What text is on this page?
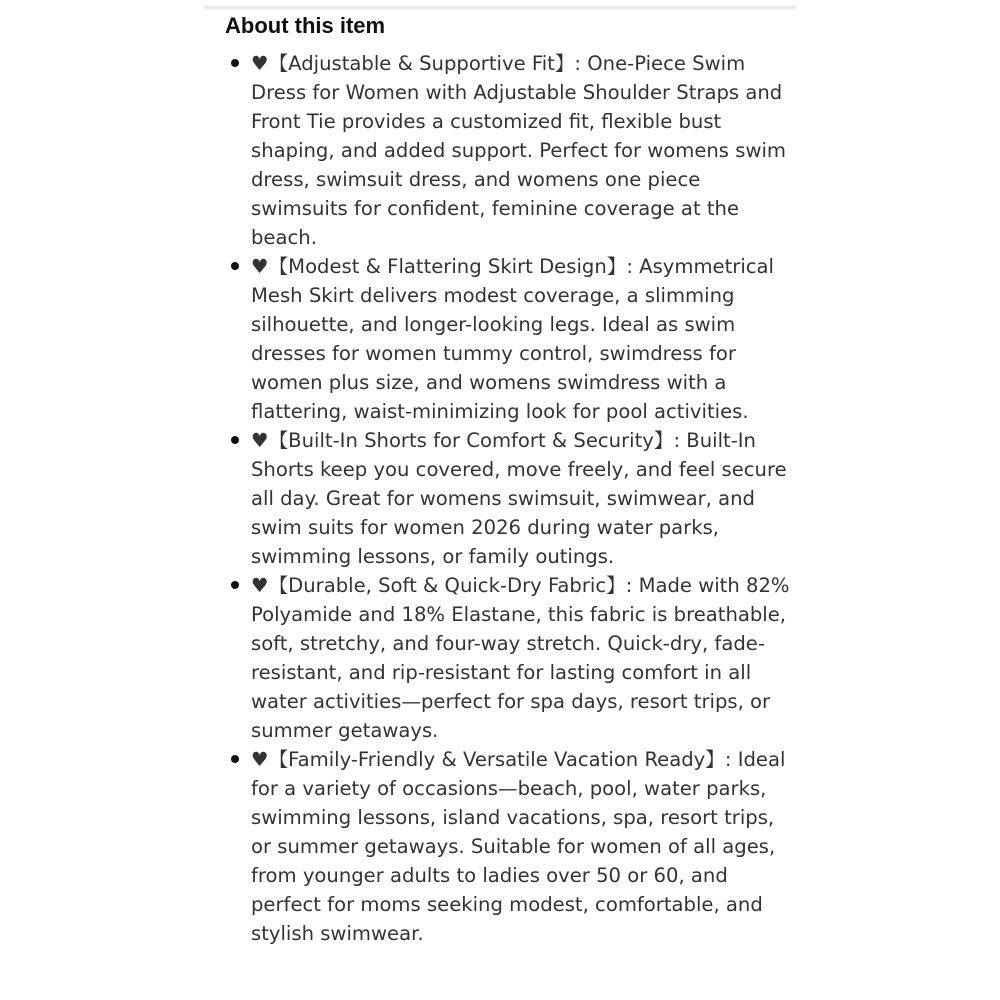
About this item
♥【Adjustable & Supportive Fit】: One-Piece Swim Dress for Women with Adjustable Shoulder Straps and Front Tie provides a customized fit, flexible bust shaping, and added support. Perfect for womens swim dress, swimsuit dress, and womens one piece swimsuits for confident, feminine coverage at the beach.
♥【Modest & Flattering Skirt Design】: Asymmetrical Mesh Skirt delivers modest coverage, a slimming silhouette, and longer-looking legs. Ideal as swim dresses for women tummy control, swimdress for women plus size, and womens swimdress with a flattering, waist-minimizing look for pool activities.
♥【Built-In Shorts for Comfort & Security】: Built-In Shorts keep you covered, move freely, and feel secure all day. Great for womens swimsuit, swimwear, and swim suits for women 2026 during water parks, swimming lessons, or family outings.
♥【Durable, Soft & Quick-Dry Fabric】: Made with 82% Polyamide and 18% Elastane, this fabric is breathable, soft, stretchy, and four-way stretch. Quick-dry, fade-resistant, and rip-resistant for lasting comfort in all water activities—perfect for spa days, resort trips, or summer getaways.
♥【Family-Friendly & Versatile Vacation Ready】: Ideal for a variety of occasions—beach, pool, water parks, swimming lessons, island vacations, spa, resort trips, or summer getaways. Suitable for women of all ages, from younger adults to ladies over 50 or 60, and perfect for moms seeking modest, comfortable, and stylish swimwear.
